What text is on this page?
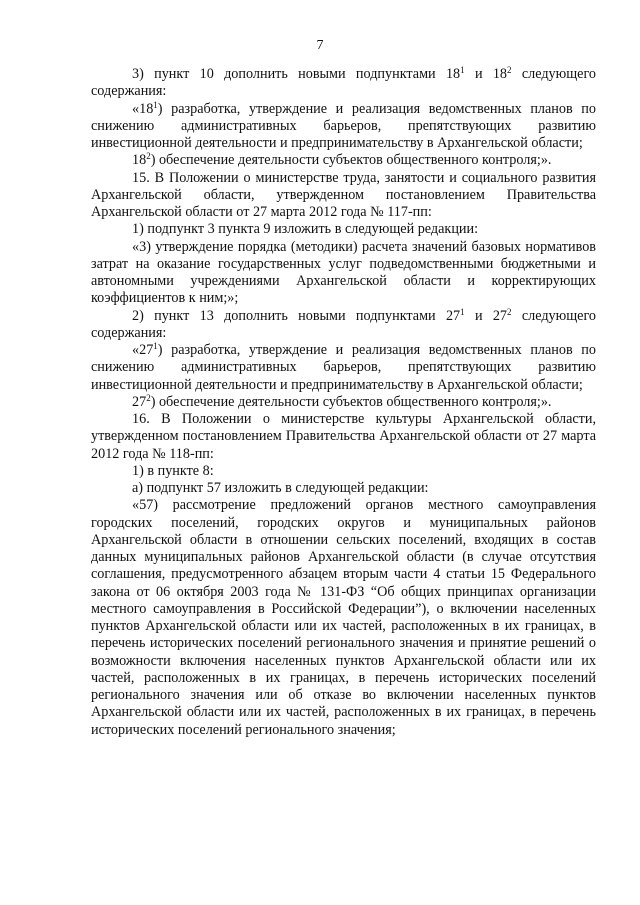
7

3) пункт 10 дополнить новыми подпунктами $18^1$ и $18^2$ следующего содержания:

«$18^1$) разработка, утверждение и реализация ведомственных планов по снижению административных барьеров, препятствующих развитию инвестиционной деятельности и предпринимательству в Архангельской области;

$18^2$) обеспечение деятельности субъектов общественного контроля;».

15. В Положении о министерстве труда, занятости и социального развития Архангельской области, утвержденном постановлением Правительства Архангельской области от 27 марта 2012 года № 117-пп:

1) подпункт 3 пункта 9 изложить в следующей редакции:

«3) утверждение порядка (методики) расчета значений базовых нормативов затрат на оказание государственных услуг подведомственными бюджетными и автономными учреждениями Архангельской области и корректирующих коэффициентов к ним;»;

2) пункт 13 дополнить новыми подпунктами $27^1$ и $27^2$ следующего содержания:

«$27^1$) разработка, утверждение и реализация ведомственных планов по снижению административных барьеров, препятствующих развитию инвестиционной деятельности и предпринимательству в Архангельской области;

$27^2$) обеспечение деятельности субъектов общественного контроля;».

16. В Положении о министерстве культуры Архангельской области, утвержденном постановлением Правительства Архангельской области от 27 марта 2012 года № 118-пп:

1) в пункте 8:

а) подпункт 57 изложить в следующей редакции:

«57) рассмотрение предложений органов местного самоуправления городских поселений, городских округов и муниципальных районов Архангельской области в отношении сельских поселений, входящих в состав данных муниципальных районов Архангельской области (в случае отсутствия соглашения, предусмотренного абзацем вторым части 4 статьи 15 Федерального закона от 06 октября 2003 года № 131-ФЗ “Об общих принципах организации местного самоуправления в Российской Федерации”), о включении населенных пунктов Архангельской области или их частей, расположенных в их границах, в перечень исторических поселений регионального значения и принятие решений о возможности включения населенных пунктов Архангельской области или их частей, расположенных в их границах, в перечень исторических поселений регионального значения или об отказе во включении населенных пунктов Архангельской области или их частей, расположенных в их границах, в перечень исторических поселений регионального значения;
